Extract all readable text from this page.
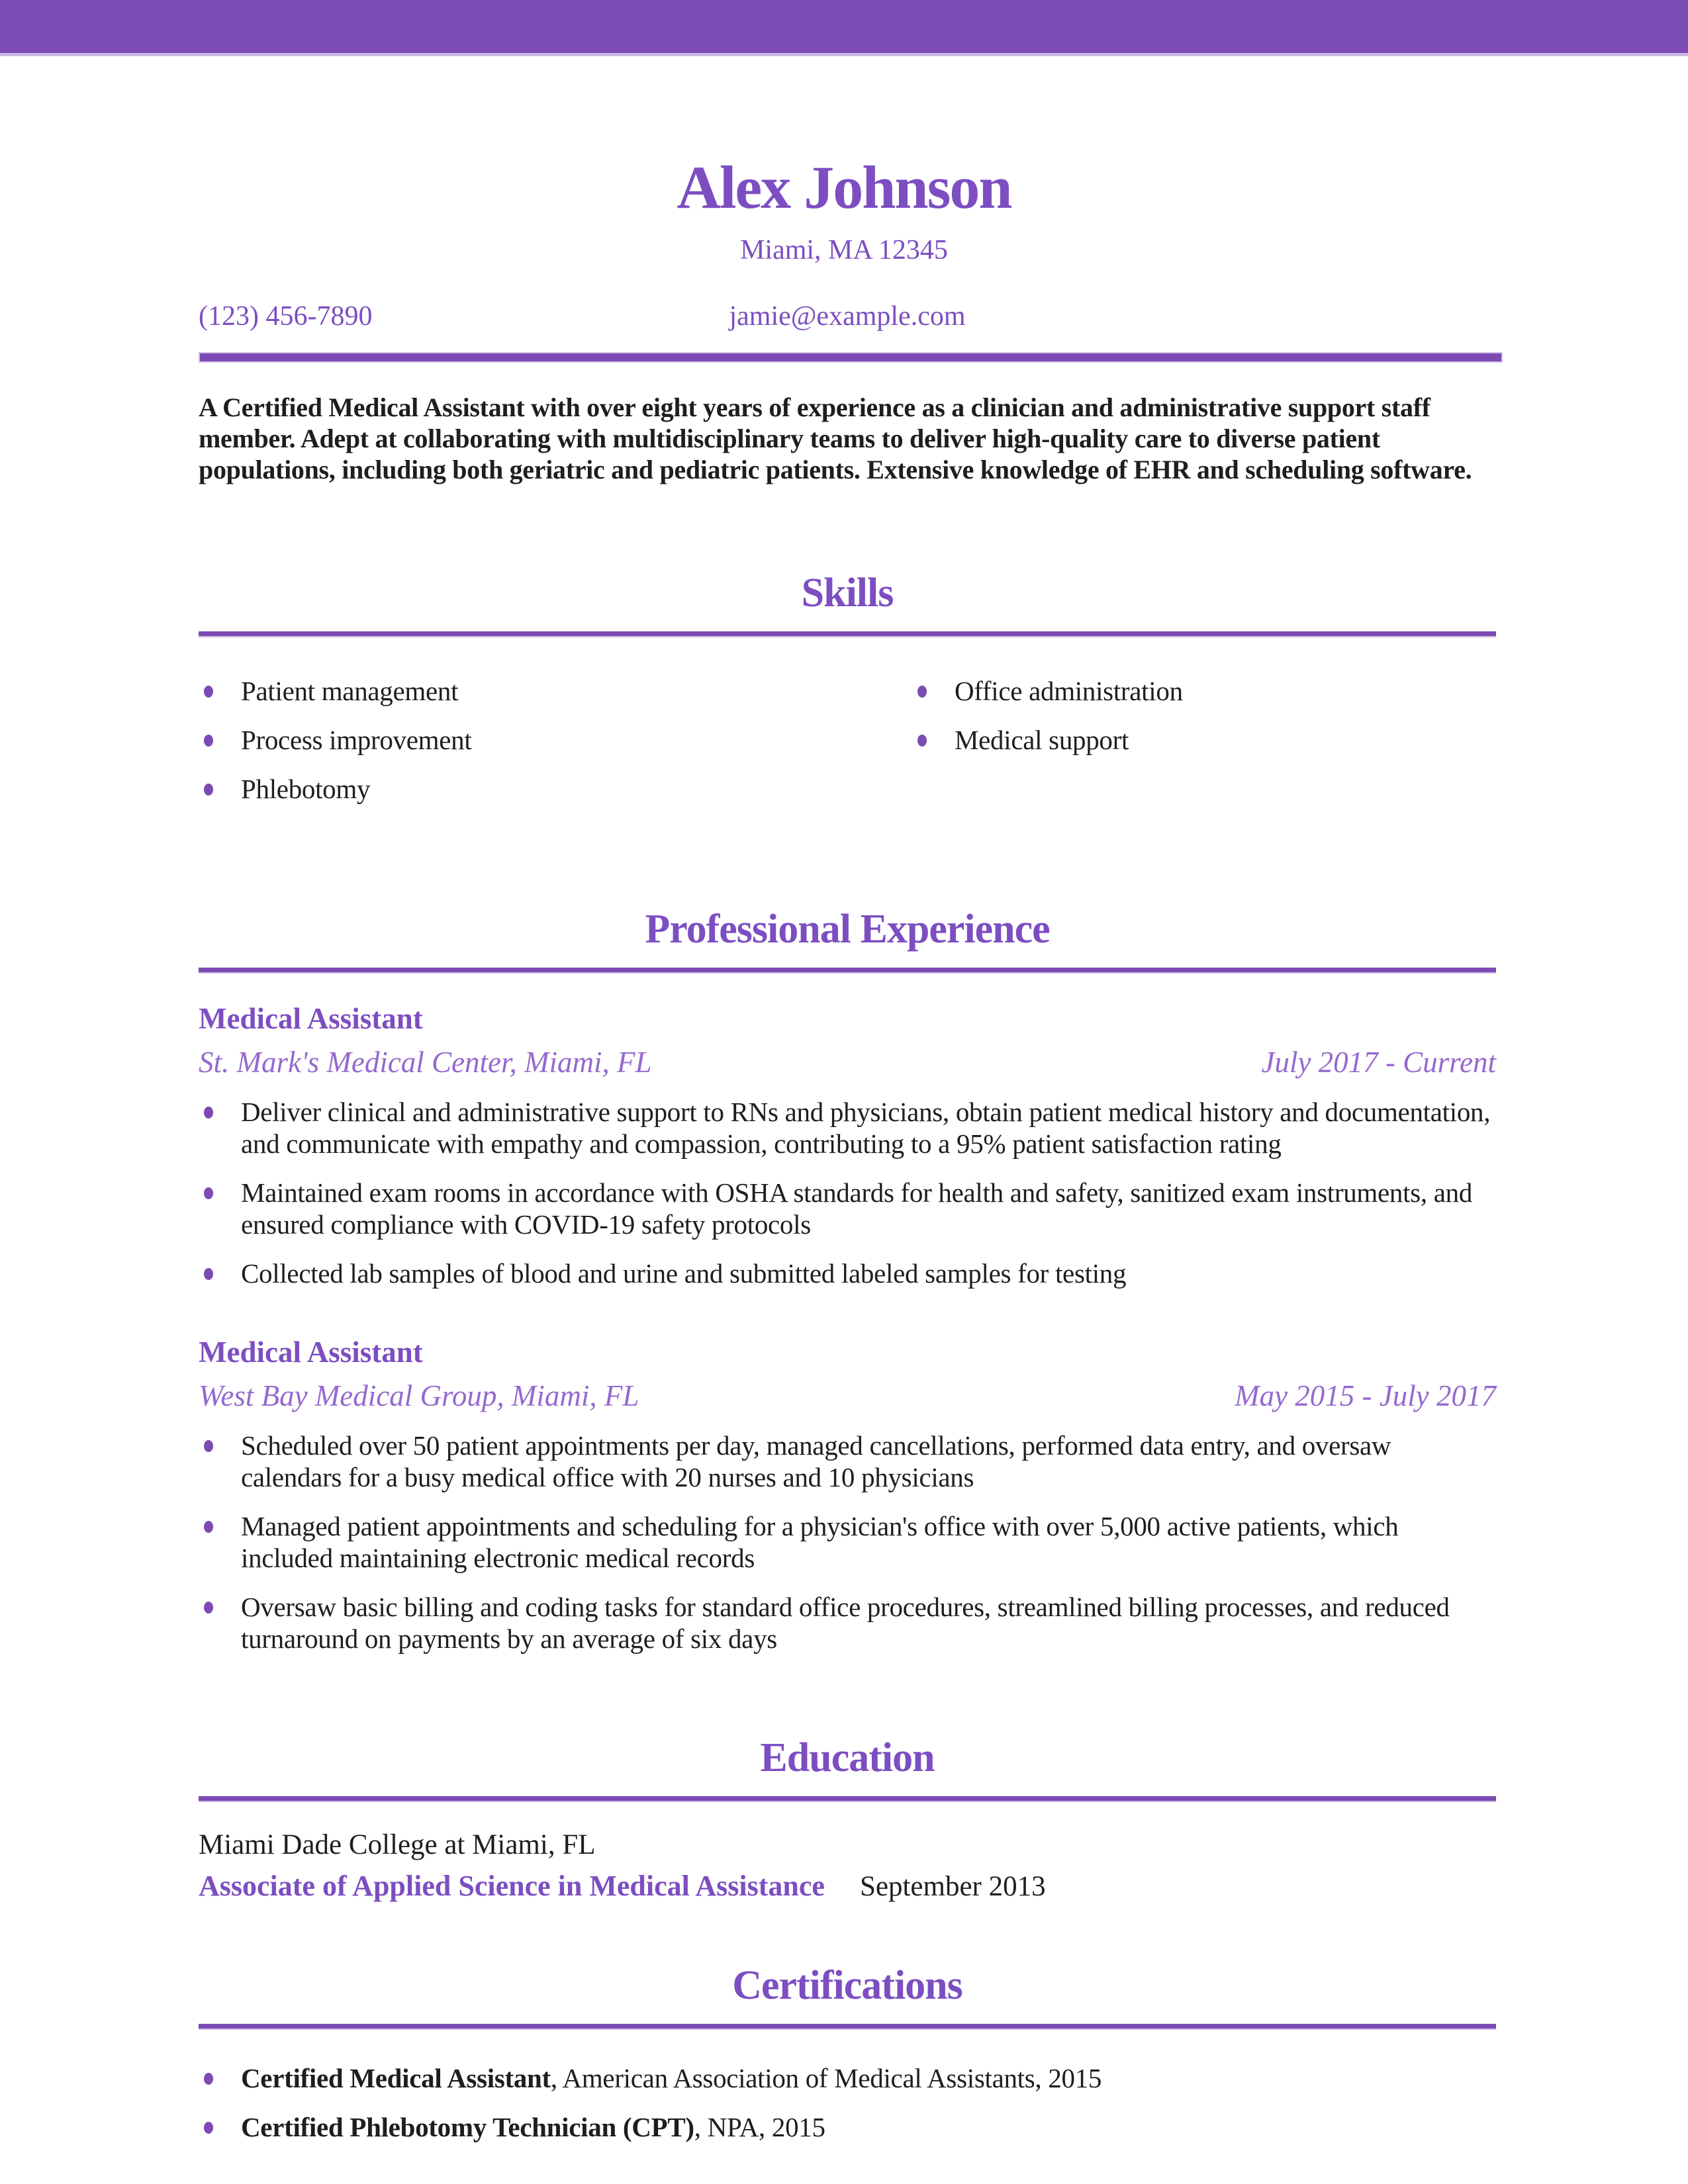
Alex Johnson
Miami, MA 12345
(123) 456-7890	jamie@example.com

A Certified Medical Assistant with over eight years of experience as a clinician and administrative support staff member. Adept at collaborating with multidisciplinary teams to deliver high-quality care to diverse patient populations, including both geriatric and pediatric patients. Extensive knowledge of EHR and scheduling software.

Skills
Patient management
Process improvement
Phlebotomy
Office administration
Medical support
Professional Experience
Medical Assistant
St. Mark's Medical Center, Miami, FL	July 2017 - Current
Deliver clinical and administrative support to RNs and physicians, obtain patient medical history and documentation, and communicate with empathy and compassion, contributing to a 95% patient satisfaction rating
Maintained exam rooms in accordance with OSHA standards for health and safety, sanitized exam instruments, and ensured compliance with COVID-19 safety protocols
Collected lab samples of blood and urine and submitted labeled samples for testing
Medical Assistant
West Bay Medical Group, Miami, FL	May 2015 - July 2017
Scheduled over 50 patient appointments per day, managed cancellations, performed data entry, and oversaw calendars for a busy medical office with 20 nurses and 10 physicians
Managed patient appointments and scheduling for a physician's office with over 5,000 active patients, which included maintaining electronic medical records
Oversaw basic billing and coding tasks for standard office procedures, streamlined billing processes, and reduced turnaround on payments by an average of six days
Education
Miami Dade College at Miami, FL
Associate of Applied Science in Medical Assistance September 2013
Certifications
Certified Medical Assistant, American Association of Medical Assistants, 2015
Certified Phlebotomy Technician (CPT), NPA, 2015
